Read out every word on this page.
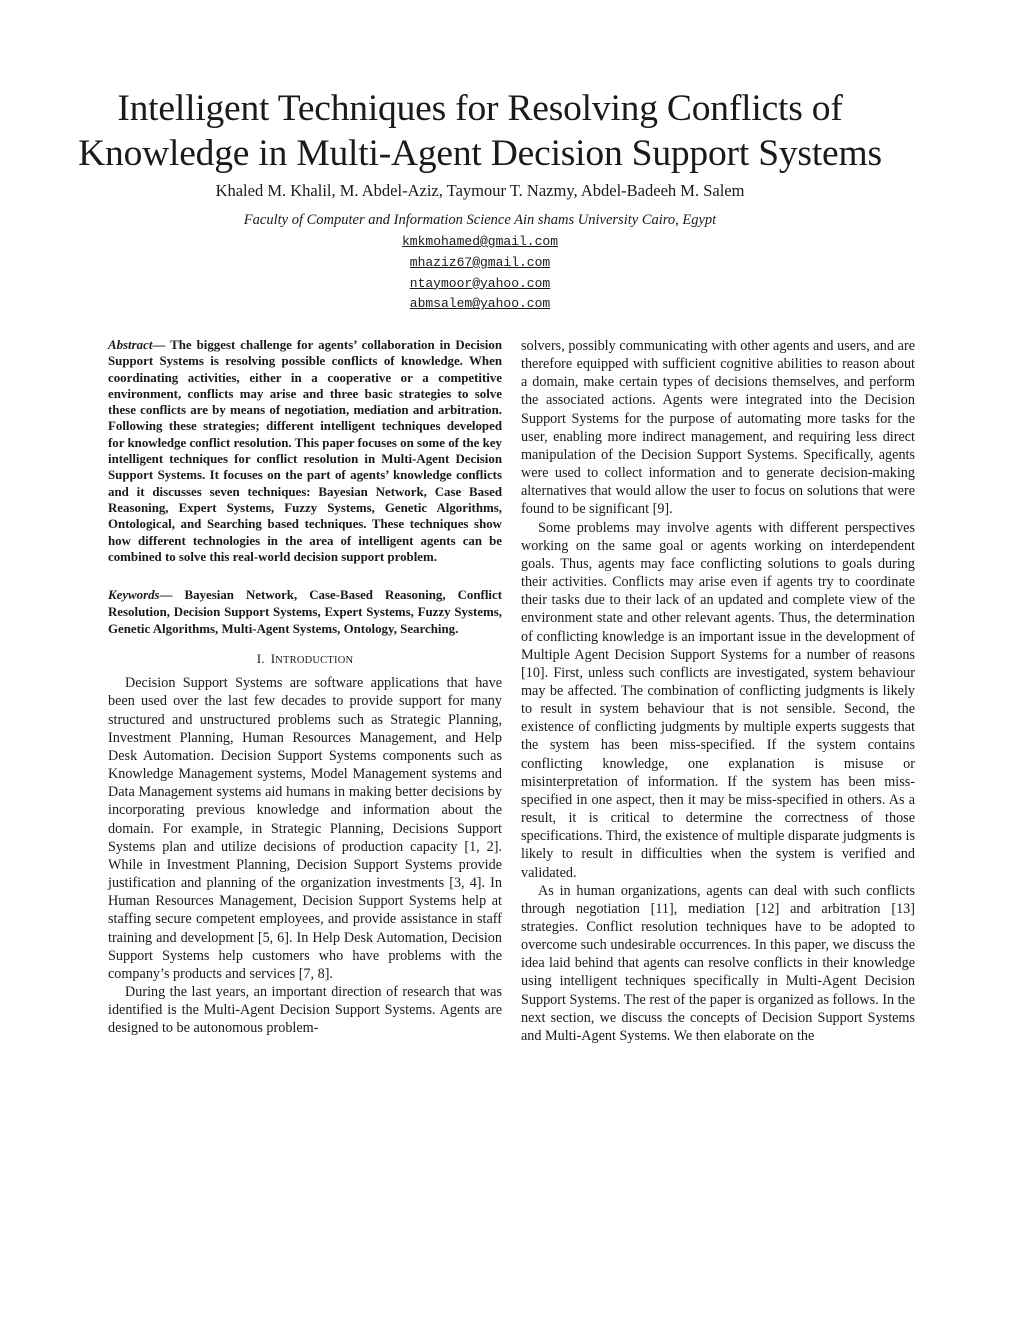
Intelligent Techniques for Resolving Conflicts of
Knowledge in Multi-Agent Decision Support Systems
Khaled M. Khalil, M. Abdel-Aziz, Taymour T. Nazmy, Abdel-Badeeh M. Salem
Faculty of Computer and Information Science Ain shams University Cairo, Egypt
kmkmohamed@gmail.com
mhaziz67@gmail.com
ntaymoor@yahoo.com
abmsalem@yahoo.com

Abstract— The biggest challenge for agents’ collaboration in Decision Support Systems is resolving possible conflicts of knowledge. When coordinating activities, either in a cooperative or a competitive environment, conflicts may arise and three basic strategies to solve these conflicts are by means of negotiation, mediation and arbitration. Following these strategies; different intelligent techniques developed for knowledge conflict resolution. This paper focuses on some of the key intelligent techniques for conflict resolution in Multi-Agent Decision Support Systems. It focuses on the part of agents’ knowledge conflicts and it discusses seven techniques: Bayesian Network, Case Based Reasoning, Expert Systems, Fuzzy Systems, Genetic Algorithms, Ontological, and Searching based techniques. These techniques show how different technologies in the area of intelligent agents can be combined to solve this real-world decision support problem.

Keywords— Bayesian Network, Case-Based Reasoning, Conflict Resolution, Decision Support Systems, Expert Systems, Fuzzy Systems, Genetic Algorithms, Multi-Agent Systems, Ontology, Searching.

I. INTRODUCTION

Decision Support Systems are software applications that have been used over the last few decades to provide support for many structured and unstructured problems such as Strategic Planning, Investment Planning, Human Resources Management, and Help Desk Automation. Decision Support Systems components such as Knowledge Management systems, Model Management systems and Data Management systems aid humans in making better decisions by incorporating previous knowledge and information about the domain. For example, in Strategic Planning, Decisions Support Systems plan and utilize decisions of production capacity [1, 2]. While in Investment Planning, Decision Support Systems provide justification and planning of the organization investments [3, 4]. In Human Resources Management, Decision Support Systems help at staffing secure competent employees, and provide assistance in staff training and development [5, 6]. In Help Desk Automation, Decision Support Systems help customers who have problems with the company’s products and services [7, 8].

During the last years, an important direction of research that was identified is the Multi-Agent Decision Support Systems. Agents are designed to be autonomous problem-

solvers, possibly communicating with other agents and users, and are therefore equipped with sufficient cognitive abilities to reason about a domain, make certain types of decisions themselves, and perform the associated actions. Agents were integrated into the Decision Support Systems for the purpose of automating more tasks for the user, enabling more indirect management, and requiring less direct manipulation of the Decision Support Systems. Specifically, agents were used to collect information and to generate decision-making alternatives that would allow the user to focus on solutions that were found to be significant [9].

Some problems may involve agents with different perspectives working on the same goal or agents working on interdependent goals. Thus, agents may face conflicting solutions to goals during their activities. Conflicts may arise even if agents try to coordinate their tasks due to their lack of an updated and complete view of the environment state and other relevant agents. Thus, the determination of conflicting knowledge is an important issue in the development of Multiple Agent Decision Support Systems for a number of reasons [10]. First, unless such conflicts are investigated, system behaviour may be affected. The combination of conflicting judgments is likely to result in system behaviour that is not sensible. Second, the existence of conflicting judgments by multiple experts suggests that the system has been miss-specified. If the system contains conflicting knowledge, one explanation is misuse or misinterpretation of information. If the system has been miss-specified in one aspect, then it may be miss-specified in others. As a result, it is critical to determine the correctness of those specifications. Third, the existence of multiple disparate judgments is likely to result in difficulties when the system is verified and validated.

As in human organizations, agents can deal with such conflicts through negotiation [11], mediation [12] and arbitration [13] strategies. Conflict resolution techniques have to be adopted to overcome such undesirable occurrences. In this paper, we discuss the idea laid behind that agents can resolve conflicts in their knowledge using intelligent techniques specifically in Multi-Agent Decision Support Systems. The rest of the paper is organized as follows. In the next section, we discuss the concepts of Decision Support Systems and Multi-Agent Systems. We then elaborate on the
